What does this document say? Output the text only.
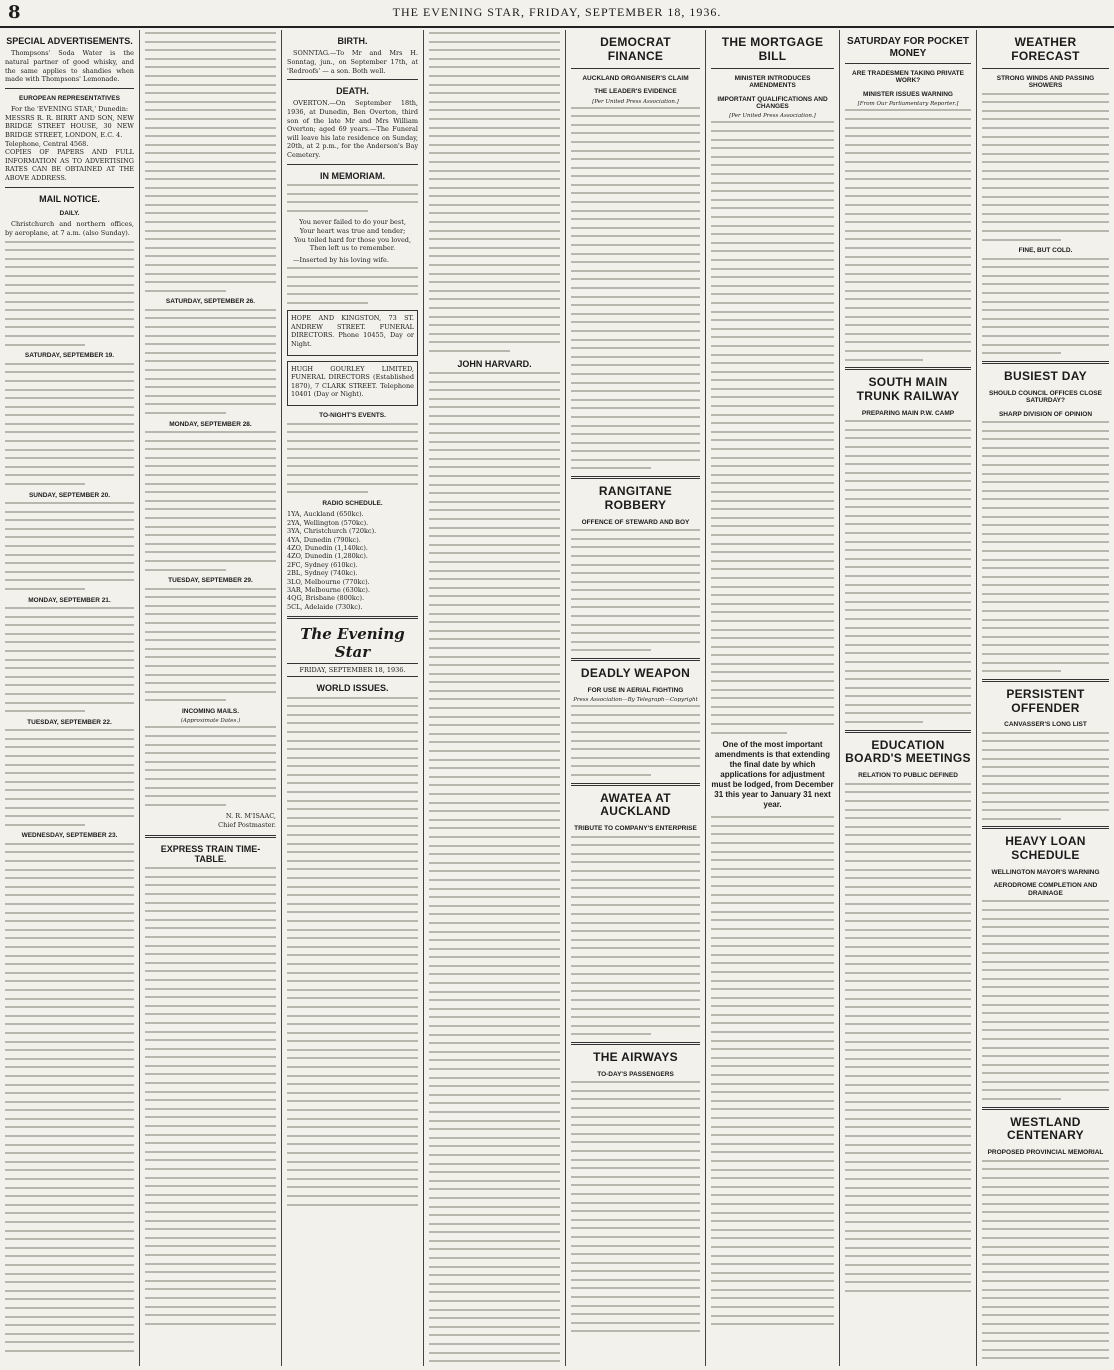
8	THE EVENING STAR, FRIDAY, SEPTEMBER 18, 1936.
SPECIAL ADVERTISEMENTS.
Thompsons' Soda Water is the natural partner of good whisky, and the same applies to shandies when made with Thompsons' Lemonade.
EUROPEAN REPRESENTATIVES
For the 'EVENING STAR,' Dunedin:
MESSRS R. R. BIRRT AND SON, NEW BRIDGE STREET HOUSE, 30 NEW BRIDGE STREET, LONDON, E.C. 4.
Telephone, Central 4568.
COPIES OF PAPERS AND FULL INFORMATION AS TO ADVERTISING RATES CAN BE OBTAINED AT THE ABOVE ADDRESS.
MAIL NOTICE.
DAILY.
Christchurch and northern offices, by aeroplane, at 7 a.m. (also Sunday).
SATURDAY, SEPTEMBER 19.
SUNDAY, SEPTEMBER 20.
MONDAY, SEPTEMBER 21.
TUESDAY, SEPTEMBER 22.
WEDNESDAY, SEPTEMBER 23.
SATURDAY, SEPTEMBER 26.
MONDAY, SEPTEMBER 28.
TUESDAY, SEPTEMBER 29.
INCOMING MAILS.
(Approximate Dates.)
N. R. M'ISAAC,
Chief Postmaster.
EXPRESS TRAIN TIME-TABLE.
BIRTH.
SONNTAG.—To Mr and Mrs H. Sonntag, jun., on September 17th, at 'Redroofs' — a son. Both well.
DEATH.
OVERTON.—On September 18th, 1936, at Dunedin, Ben Overton, third son of the late Mr and Mrs William Overton; aged 69 years.—The Funeral will leave his late residence on Sunday, 20th, at 2 p.m., for the Anderson's Bay Cemetery.
IN MEMORIAM.
You never failed to do your best,
Your heart was true and tender;
You toiled hard for those you loved,
Then left us to remember.
—Inserted by his loving wife.
HOPE AND KINGSTON, 73 ST. ANDREW STREET. FUNERAL DIRECTORS. Phone 10455, Day or Night.
HUGH GOURLEY LIMITED, FUNERAL DIRECTORS (Established 1870), 7 CLARK STREET. Telephone 10401 (Day or Night).
TO-NIGHT'S EVENTS.
RADIO SCHEDULE.
1YA, Auckland (650kc).
2YA, Wellington (570kc).
3YA, Christchurch (720kc).
4YA, Dunedin (790kc).
4ZO, Dunedin (1,140kc).
4ZO, Dunedin (1,280kc).
2FC, Sydney (610kc).
2BL, Sydney (740kc).
3LO, Melbourne (770kc).
3AR, Melbourne (630kc).
4QG, Brisbane (800kc).
5CL, Adelaide (730kc).
The Evening Star
FRIDAY, SEPTEMBER 18, 1936.
WORLD ISSUES.
JOHN HARVARD.
DEMOCRAT FINANCE
AUCKLAND ORGANISER'S CLAIM
THE LEADER'S EVIDENCE
[Per United Press Association.]
RANGITANE ROBBERY
OFFENCE OF STEWARD AND BOY
DEADLY WEAPON
FOR USE IN AERIAL FIGHTING
Press Association—By Telegraph—Copyright
AWATEA AT AUCKLAND
TRIBUTE TO COMPANY'S ENTERPRISE
THE AIRWAYS
TO-DAY'S PASSENGERS
THE MORTGAGE BILL
MINISTER INTRODUCES AMENDMENTS
IMPORTANT QUALIFICATIONS AND CHANGES
[Per United Press Association.]
One of the most important amendments is that extending the final date by which applications for adjustment must be lodged, from December 31 this year to January 31 next year.
SATURDAY FOR POCKET MONEY
ARE TRADESMEN TAKING PRIVATE WORK?
MINISTER ISSUES WARNING
[From Our Parliamentary Reporter.]
SOUTH MAIN TRUNK RAILWAY
PREPARING MAIN P.W. CAMP
EDUCATION BOARD'S MEETINGS
RELATION TO PUBLIC DEFINED
WEATHER FORECAST
STRONG WINDS AND PASSING SHOWERS
FINE, BUT COLD.
BUSIEST DAY
SHOULD COUNCIL OFFICES CLOSE SATURDAY?
SHARP DIVISION OF OPINION
PERSISTENT OFFENDER
CANVASSER'S LONG LIST
HEAVY LOAN SCHEDULE
WELLINGTON MAYOR'S WARNING
AERODROME COMPLETION AND DRAINAGE
WESTLAND CENTENARY
PROPOSED PROVINCIAL MEMORIAL
